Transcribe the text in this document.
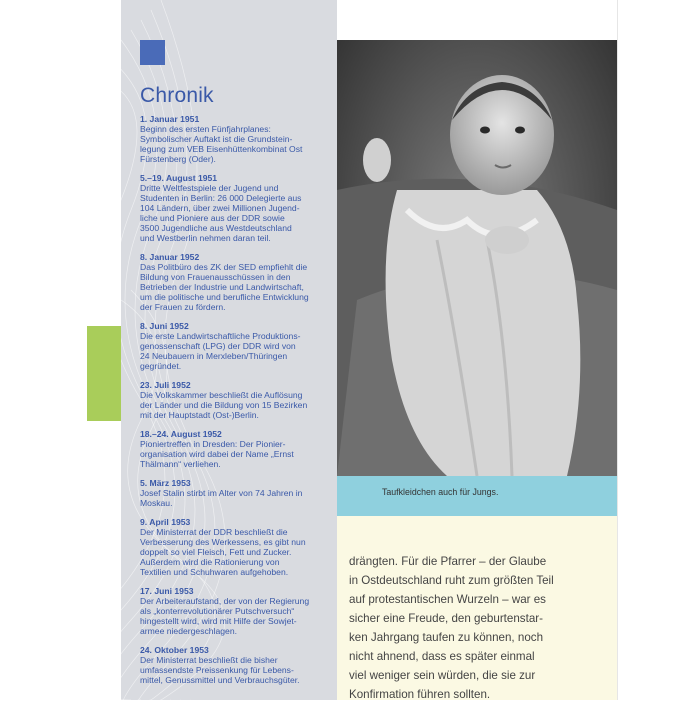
Chronik
1. Januar 1951
Beginn des ersten Fünfjahrplanes:
Symbolischer Auftakt ist die Grundstein-
legung zum VEB Eisenhüttenkombinat Ost
Fürstenberg (Oder).
5.–19. August 1951
Dritte Weltfestspiele der Jugend und
Studenten in Berlin: 26 000 Delegierte aus
104 Ländern, über zwei Millionen Jugend-
liche und Pioniere aus der DDR sowie
3500 Jugendliche aus Westdeutschland
und Westberlin nehmen daran teil.
8. Januar 1952
Das Politbüro des ZK der SED empfiehlt die
Bildung von Frauenausschüssen in den
Betrieben der Industrie und Landwirtschaft,
um die politische und berufliche Entwicklung
der Frauen zu fördern.
8. Juni 1952
Die erste Landwirtschaftliche Produktions-
genossenschaft (LPG) der DDR wird von
24 Neubauern in Merxleben/Thüringen
gegründet.
23. Juli 1952
Die Volkskammer beschließt die Auflösung
der Länder und die Bildung von 15 Bezirken
mit der Hauptstadt (Ost-)Berlin.
18.–24. August 1952
Pioniertreffen in Dresden: Der Pionier-
organisation wird dabei der Name „Ernst
Thälmann“ verliehen.
5. März 1953
Josef Stalin stirbt im Alter von 74 Jahren in
Moskau.
9. April 1953
Der Ministerrat der DDR beschließt die
Verbesserung des Werkessens, es gibt nun
doppelt so viel Fleisch, Fett und Zucker.
Außerdem wird die Rationierung von
Textilien und Schuhwaren aufgehoben.
17. Juni 1953
Der Arbeiteraufstand, der von der Regierung
als „konterrevolutionärer Putschversuch“
hingestellt wird, wird mit Hilfe der Sowjet-
armee niedergeschlagen.
24. Oktober 1953
Der Ministerrat beschließt die bisher
umfassendste Preissenkung für Lebens-
mittel, Genussmittel und Verbrauchsgüter.
Taufkleidchen auch für Jungs.
drängten. Für die Pfarrer – der Glaube
in Ostdeutschland ruht zum größten Teil
auf protestantischen Wurzeln – war es
sicher eine Freude, den geburtenstar-
ken Jahrgang taufen zu können, noch
nicht ahnend, dass es später einmal
viel weniger sein würden, die sie zur
Konfirmation führen sollten.
